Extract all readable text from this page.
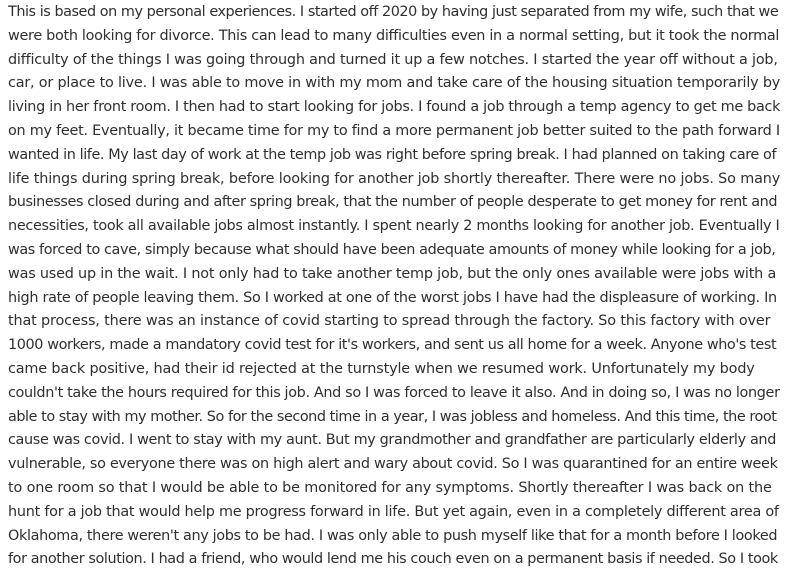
This is based on my personal experiences. I started off 2020 by having just separated from my wife, such that we
were both looking for divorce. This can lead to many difficulties even in a normal setting, but it took the normal
difficulty of the things I was going through and turned it up a few notches. I started the year off without a job,
car, or place to live. I was able to move in with my mom and take care of the housing situation temporarily by
living in her front room. I then had to start looking for jobs. I found a job through a temp agency to get me back
on my feet. Eventually, it became time for my to find a more permanent job better suited to the path forward I
wanted in life. My last day of work at the temp job was right before spring break. I had planned on taking care of
life things during spring break, before looking for another job shortly thereafter. There were no jobs. So many
businesses closed during and after spring break, that the number of people desperate to get money for rent and
necessities, took all available jobs almost instantly. I spent nearly 2 months looking for another job. Eventually I
was forced to cave, simply because what should have been adequate amounts of money while looking for a job,
was used up in the wait. I not only had to take another temp job, but the only ones available were jobs with a
high rate of people leaving them. So I worked at one of the worst jobs I have had the displeasure of working. In
that process, there was an instance of covid starting to spread through the factory. So this factory with over
1000 workers, made a mandatory covid test for it's workers, and sent us all home for a week. Anyone who's test
came back positive, had their id rejected at the turnstyle when we resumed work. Unfortunately my body
couldn't take the hours required for this job. And so I was forced to leave it also. And in doing so, I was no longer
able to stay with my mother. So for the second time in a year, I was jobless and homeless. And this time, the root
cause was covid. I went to stay with my aunt. But my grandmother and grandfather are particularly elderly and
vulnerable, so everyone there was on high alert and wary about covid. So I was quarantined for an entire week
to one room so that I would be able to be monitored for any symptoms. Shortly thereafter I was back on the
hunt for a job that would help me progress forward in life. But yet again, even in a completely different area of
Oklahoma, there weren't any jobs to be had. I was only able to push myself like that for a month before I looked
for another solution. I had a friend, who would lend me his couch even on a permanent basis if needed. So I took
